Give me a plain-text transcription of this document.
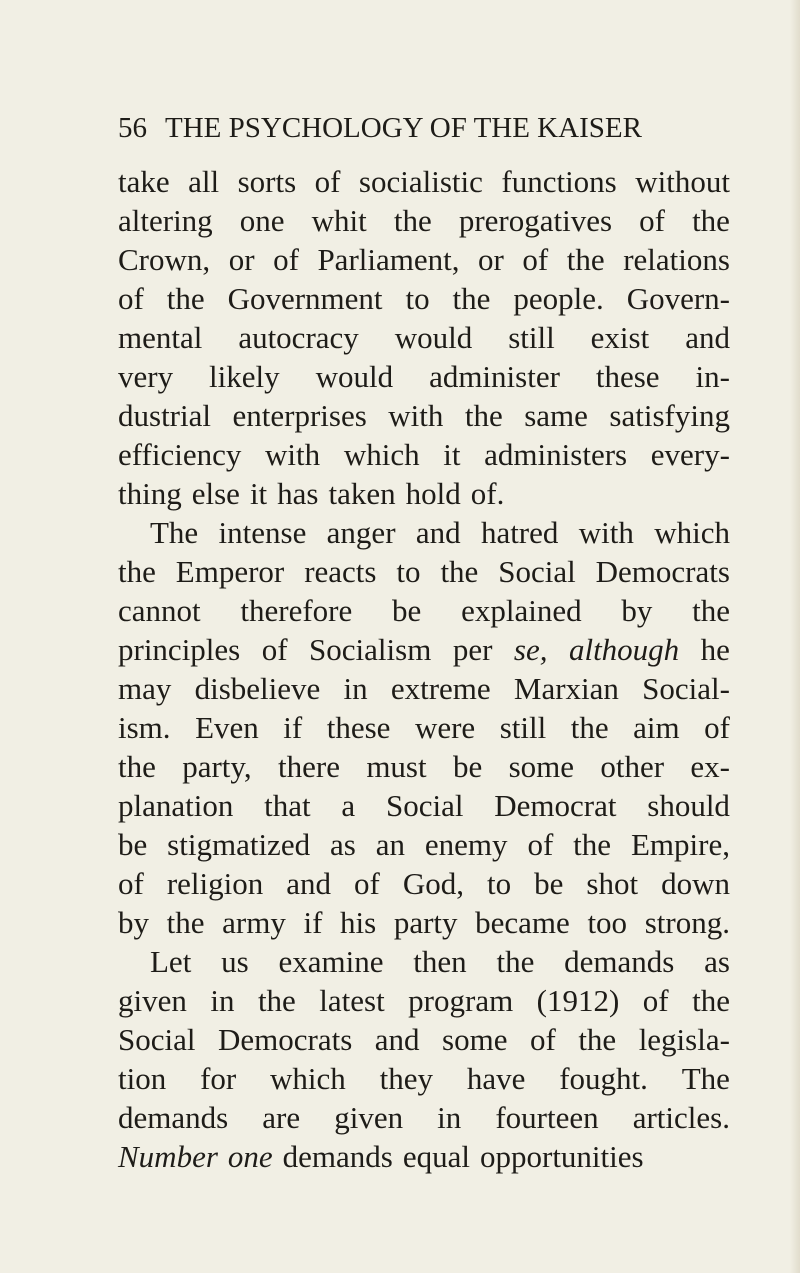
56 THE PSYCHOLOGY OF THE KAISER
take all sorts of socialistic functions without
altering one whit the prerogatives of the
Crown, or of Parliament, or of the relations
of the Government to the people. Govern-
mental autocracy would still exist and
very likely would administer these in-
dustrial enterprises with the same satisfying
efficiency with which it administers every-
thing else it has taken hold of.
The intense anger and hatred with which
the Emperor reacts to the Social Democrats
cannot therefore be explained by the
principles of Socialism per se, although he
may disbelieve in extreme Marxian Social-
ism. Even if these were still the aim of
the party, there must be some other ex-
planation that a Social Democrat should
be stigmatized as an enemy of the Empire,
of religion and of God, to be shot down
by the army if his party became too strong.
Let us examine then the demands as
given in the latest program (1912) of the
Social Democrats and some of the legisla-
tion for which they have fought. The
demands are given in fourteen articles.
Number one demands equal opportunities
